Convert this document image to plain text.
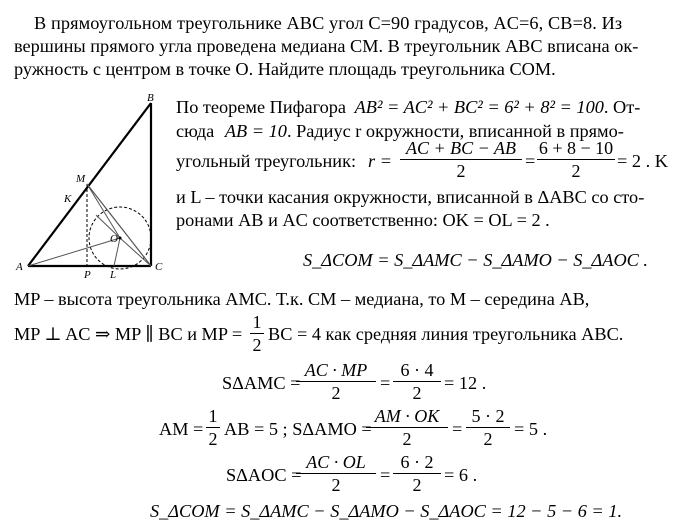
В прямоугольном треугольнике ABC угол C=90 градусов, AC=6, CB=8. Из
вершины прямого угла проведена медиана CM. В треугольник ABC вписана ок-
ружность с центром в точке О. Найдите площадь треугольника COM.
B
A	C
M
K
O
P L
По теореме Пифагора AB² = AC² + BC² = 6² + 8² = 100. От-
сюда AB = 10. Радиус r окружности, вписанной в прямо-
угольный треугольник: r =
AC + BC − AB
2	=
6 + 8 − 10
2	= 2 . K
и L – точки касания окружности, вписанной в ΔABC со сто-
ронами AB и AC соответственно: OK = OL = 2 .
S_ΔCOM = S_ΔAMC − S_ΔAMO − S_ΔAOC .
MP – высота треугольника AMC. Т.к. CM – медиана, то M – середина AB,
MP ⊥ AC ⇒ MP ∥ BC и MP =
1
2
BC = 4 как средняя линия треугольника ABC.
SΔAMC =
AC · MP
2	=
6 · 4
2	= 12 .
AM =
1
2 AB = 5 ; SΔAMO =
AM · OK
2	=
5 · 2
2	= 5 .
SΔAOC =
AC · OL
2	=
6 · 2
2	= 6 .
S_ΔCOM = S_ΔAMC − S_ΔAMO − S_ΔAOC = 12 − 5 − 6 = 1.
